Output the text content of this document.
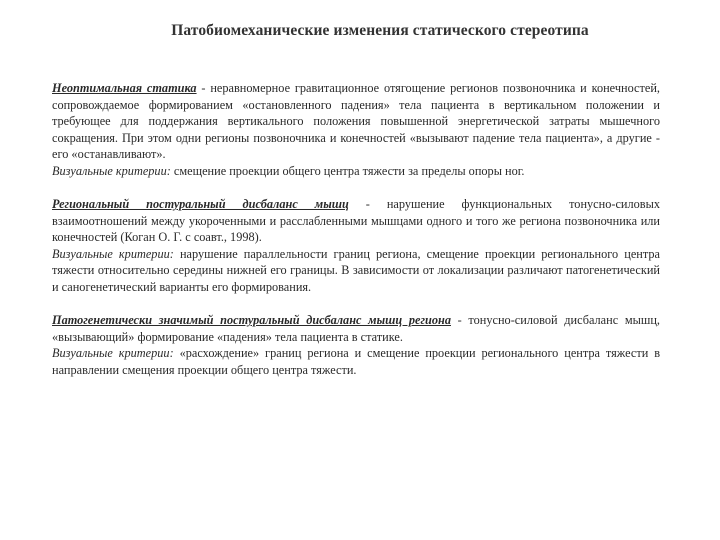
Патобиомеханические изменения статического стереотипа
Неоптимальная статика - неравномерное гравитационное отягощение регионов позвоночника и конечностей, сопровождаемое формированием «остановленного падения» тела пациента в вертикальном положении и требующее для поддержания вертикального положения повышенной энергетической затраты мышечного сокращения. При этом одни регионы позвоночника и конечностей «вызывают падение тела пациента», а другие - его «останавливают».
Визуальные критерии: смещение проекции общего центра тяжести за пределы опоры ног.
Региональный постуральный дисбаланс мышц - нарушение функциональных тонусно-силовых взаимоотношений между укороченными и расслабленными мышцами одного и того же региона позвоночника или конечностей (Коган О. Г. с соавт., 1998).
Визуальные критерии: нарушение параллельности границ региона, смещение проекции регионального центра тяжести относительно середины нижней его границы. В зависимости от локализации различают патогенетический и саногенетический варианты его формирования.
Патогенетически значимый постуральный дисбаланс мышц региона - тонусно-силовой дисбаланс мышц, «вызывающий» формирование «падения» тела пациента в статике.
Визуальные критерии: «расхождение» границ региона и смещение проекции регионального центра тяжести в направлении смещения проекции общего центра тяжести.
